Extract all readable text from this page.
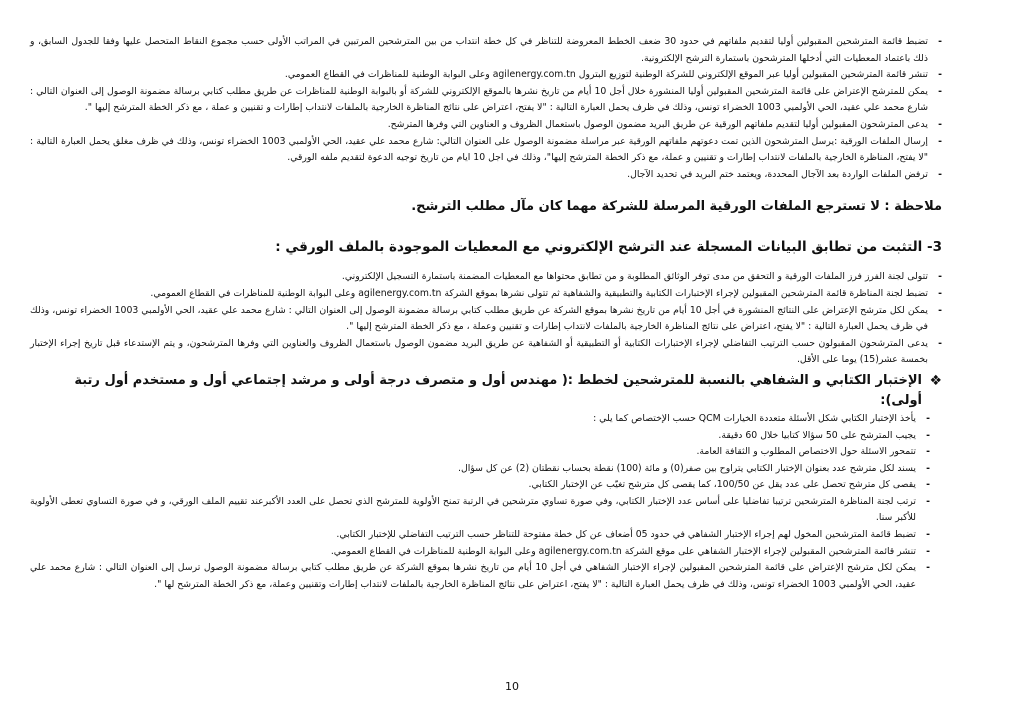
- تضبط قائمة المترشحين المقبولين أوليا لتقديم ملفاتهم في حدود 30 ضعف الخطط المعروضة للتناظر في كل خطة انتداب من بين المترشحين المرتبين في المراتب الأولى حسب مجموع النقاط المتحصل عليها وفقا للجدول السابق، و ذلك باعتماد المعطيات التي أدخلها المترشحون باستمارة الترشح الإلكترونية.
- تنشر قائمة المترشحين المقبولين أوليا عبر الموقع الإلكتروني للشركة الوطنية لتوزيع البترول agilenergy.com.tn وعلى البوابة الوطنية للمناظرات في القطاع العمومي.
- يمكن للمترشح الإعتراض على قائمة المترشحين المقبولين أوليا المنشورة خلال أجل 10 أيام من تاريخ نشرها بالموقع الإلكتروني للشركة أو بالبوابة الوطنية للمناظرات عن طريق مطلب كتابي برسالة مضمونة الوصول إلى العنوان التالي : شارع محمد علي عقيد، الحي الأولمبي 1003 الخضراء تونس، وذلك في ظرف يحمل العبارة التالية : "لا يفتح، اعتراض على نتائج المناظرة الخارجية بالملفات لانتداب إطارات و تقنيين و عملة ، مع ذكر الخطة المترشح إليها ".
- يدعى المترشحون المقبولين أوليا لتقديم ملفاتهم الورقية عن طريق البريد مضمون الوصول باستعمال الظروف و العناوين التي وفرها المترشح.
- إرسال الملفات الورقية :يرسل المترشحون الذين تمت دعوتهم ملفاتهم الورقية عبر مراسلة مضمونة الوصول على العنوان التالي: شارع محمد علي عقيد، الحي الأولمبي 1003 الخضراء تونس، وذلك في ظرف مغلق يحمل العبارة التالية : "لا يفتح، المناظرة الخارجية بالملفات لانتداب إطارات و تقنيين و عملة، مع ذكر الخطة المترشح إليها"، وذلك في اجل 10 ايام من تاريخ توجيه الدعوة لتقديم ملفه الورقي.
- ترفض الملفات الواردة بعد الآجال المحددة، ويعتمد ختم البريد في تحديد الآجال.
ملاحظة : لا تسترجع الملفات الورقية المرسلة للشركة مهما كان مآل مطلب الترشح.
3- التثبت من تطابق البيانات المسجلة عند الترشح الإلكتروني مع المعطيات الموجودة بالملف الورقي :
- تتولى لجنة الفرز فرز الملفات الورقية و التحقق من مدى توفر الوثائق المطلوبة و من تطابق محتواها مع المعطيات المضمنة باستمارة التسجيل الإلكتروني.
- تضبط لجنة المناظرة قائمة المترشحين المقبولين لإجراء الإختبارات الكتابية والتطبيقية والشفاهية ثم تتولى نشرها بموقع الشركة agilenergy.com.tn وعلى البوابة الوطنية للمناظرات في القطاع العمومي.
- يمكن لكل مترشح الإعتراض على النتائج المنشورة في أجل 10 أيام من تاريخ نشرها بموقع الشركة عن طريق مطلب كتابي برسالة مضمونة الوصول إلى العنوان التالي : شارع محمد علي عقيد، الحي الأولمبي 1003 الخضراء تونس، وذلك في ظرف يحمل العبارة التالية : "لا يفتح، اعتراض على نتائج المناظرة الخارجية بالملفات لانتداب إطارات و تقنيين وعملة ، مع ذكر الخطة المترشح إليها ".
- يدعى المترشحون المقبولون حسب الترتيب التفاضلي لإجراء الإختبارات الكتابية أو التطبيقية أو الشفاهية عن طريق البريد مضمون الوصول باستعمال الظروف والعناوين التي وفرها المترشحون، و يتم الإستدعاء قبل تاريخ إجراء الإختبار بخمسة عشر(15) يوما على الأقل.
❖
الإختبار الكتابي و الشفاهي بالنسبة للمترشحين لخطط :( مهندس أول و متصرف درجة أولى و مرشد إجتماعي أول و مستخدم أول رتبة أولى):
- يأخذ الإختبار الكتابي شكل الأسئلة متعددة الخيارات QCM حسب الإختصاص كما يلي :
- يجيب المترشح على 50 سؤالا كتابيا خلال 60 دقيقة.
- تتمحور الاسئلة حول الاختصاص المطلوب و الثقافة العامة.
- يسند لكل مترشح عدد بعنوان الإختبار الكتابي يتراوح بين صفر(0) و مائة (100) نقطة بحساب نقطتان (2) عن كل سؤال.
- يقصى كل مترشح تحصل على عدد يقل عن 100/50، كما يقصى كل مترشح تغيّب عن الإختبار الكتابي.
- ترتب لجنة المناظرة المترشحين ترتيبا تفاضليا على أساس عدد الإختبار الكتابي، وفي صورة تساوي مترشحين في الرتبة تمنح الأولوية للمترشح الذي تحصل على العدد الأكبرعند تقييم الملف الورقي، و في صورة التساوي تعطى الأولوية للأكبر سنا.
- تضبط قائمة المترشحين المخول لهم إجراء الإختبار الشفاهي في حدود 05 أضعاف عن كل خطة مفتوحة للتناظر حسب الترتيب التفاضلي للإختبار الكتابي.
- تنشر قائمة المترشحين المقبولين لإجراء الإختبار الشفاهي على موقع الشركة agilenergy.com.tn وعلى البوابة الوطنية للمناظرات في القطاع العمومي.
- يمكن لكل مترشح الإعتراض على قائمة المترشحين المقبولين لإجراء الإختبار الشفاهي في أجل 10 أيام من تاريخ نشرها بموقع الشركة عن طريق مطلب كتابي برسالة مضمونة الوصول ترسل إلى العنوان التالي : شارع محمد علي عقيد، الحي الأولمبي 1003 الخضراء تونس، وذلك في ظرف يحمل العبارة التالية : "لا يفتح، اعتراض على نتائج المناظرة الخارجية بالملفات لانتداب إطارات وتقنيين وعملة، مع ذكر الخطة المترشح لها ".
10
